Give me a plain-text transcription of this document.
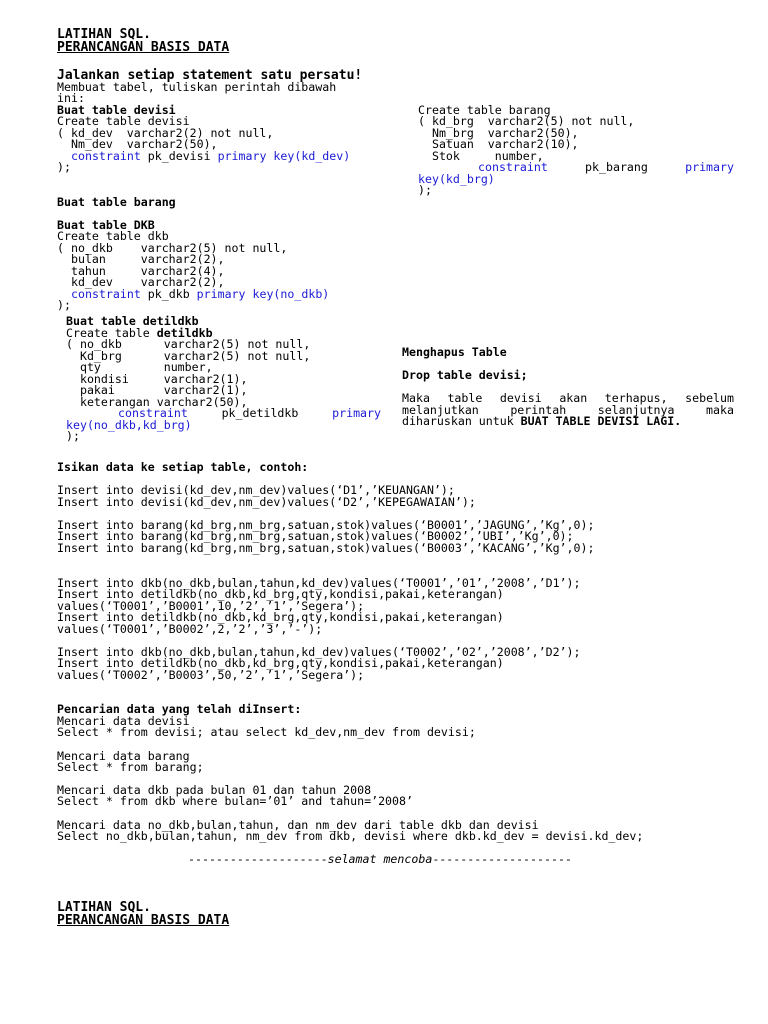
LATIHAN SQL.
PERANCANGAN BASIS DATA
Jalankan setiap statement satu persatu!
Membuat tabel, tuliskan perintah dibawah
ini:
Buat table devisi
Create table devisi
( kd_dev  varchar2(2) not null,
Nm_dev  varchar2(50),
constraint pk_devisi primary key(kd_dev)
);
Create table barang
( kd_brg  varchar2(5) not null,
Nm_brg  varchar2(50),
Satuan  varchar2(10),
Stok     number,
constraint	pk_barang	primary
key(kd_brg)
);
Buat table barang
Buat table DKB
Create table dkb
( no_dkb    varchar2(5) not null,
bulan     varchar2(2),
tahun     varchar2(4),
kd_dev    varchar2(2),
constraint pk_dkb primary key(no_dkb)
);
Buat table detildkb
Create table detildkb
( no_dkb      varchar2(5) not null,
Kd_brg      varchar2(5) not null,
qty         number,
kondisi     varchar2(1),
pakai       varchar2(1),
keterangan varchar2(50),
constraint	pk_detildkb	primary
key(no_dkb,kd_brg)
);
Menghapus Table
Drop table devisi;
Maka table devisi akan terhapus, sebelum
melanjutkan	perintah	selanjutnya	maka
diharuskan untuk BUAT TABLE DEVISI LAGI.
Isikan data ke setiap table, contoh:
Insert into devisi(kd_dev,nm_dev)values(‘D1’,’KEUANGAN’);
Insert into devisi(kd_dev,nm_dev)values(‘D2’,’KEPEGAWAIAN’);
Insert into barang(kd_brg,nm_brg,satuan,stok)values(‘B0001’,’JAGUNG’,’Kg’,0);
Insert into barang(kd_brg,nm_brg,satuan,stok)values(‘B0002’,’UBI’,’Kg’,0);
Insert into barang(kd_brg,nm_brg,satuan,stok)values(‘B0003’,’KACANG’,’Kg’,0);
Insert into dkb(no_dkb,bulan,tahun,kd_dev)values(‘T0001’,’01’,’2008’,’D1’);
Insert into detildkb(no_dkb,kd_brg,qty,kondisi,pakai,keterangan)
values(‘T0001’,’B0001’,10,’2’,’1’,’Segera’);
Insert into detildkb(no_dkb,kd_brg,qty,kondisi,pakai,keterangan)
values(‘T0001’,’B0002’,2,’2’,’3’,’-’);
Insert into dkb(no_dkb,bulan,tahun,kd_dev)values(‘T0002’,’02’,’2008’,’D2’);
Insert into detildkb(no_dkb,kd_brg,qty,kondisi,pakai,keterangan)
values(‘T0002’,’B0003’,50,’2’,’1’,’Segera’);
Pencarian data yang telah diInsert:
Mencari data devisi
Select * from devisi; atau select kd_dev,nm_dev from devisi;
Mencari data barang
Select * from barang;
Mencari data dkb pada bulan 01 dan tahun 2008
Select * from dkb where bulan=’01’ and tahun=’2008’
Mencari data no_dkb,bulan,tahun, dan nm_dev dari table dkb dan devisi
Select no_dkb,bulan,tahun, nm_dev from dkb, devisi where dkb.kd_dev = devisi.kd_dev;
--------------------selamat mencoba--------------------
LATIHAN SQL.
PERANCANGAN BASIS DATA
